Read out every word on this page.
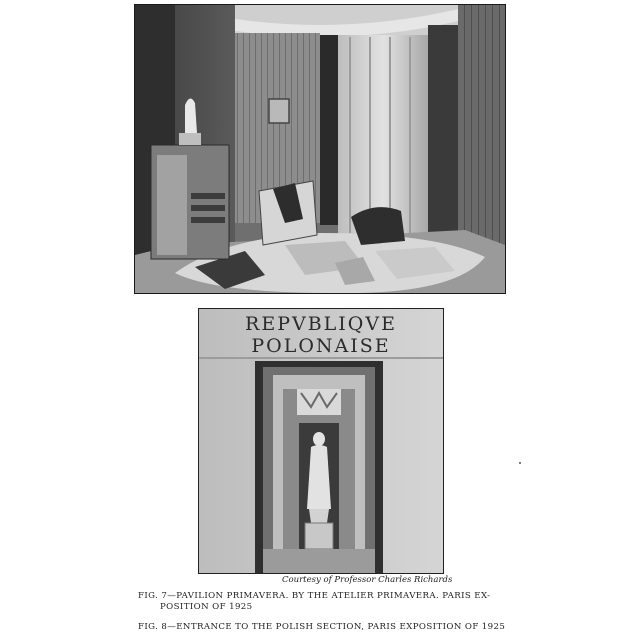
REPVBLIQVE
POLONAISE
Courtesy of Professor Charles Richards
FIG. 7—PAVILION PRIMAVERA. BY THE ATELIER PRIMAVERA. PARIS EX-
POSITION OF 1925
FIG. 8—ENTRANCE TO THE POLISH SECTION, PARIS EXPOSITION OF 1925
